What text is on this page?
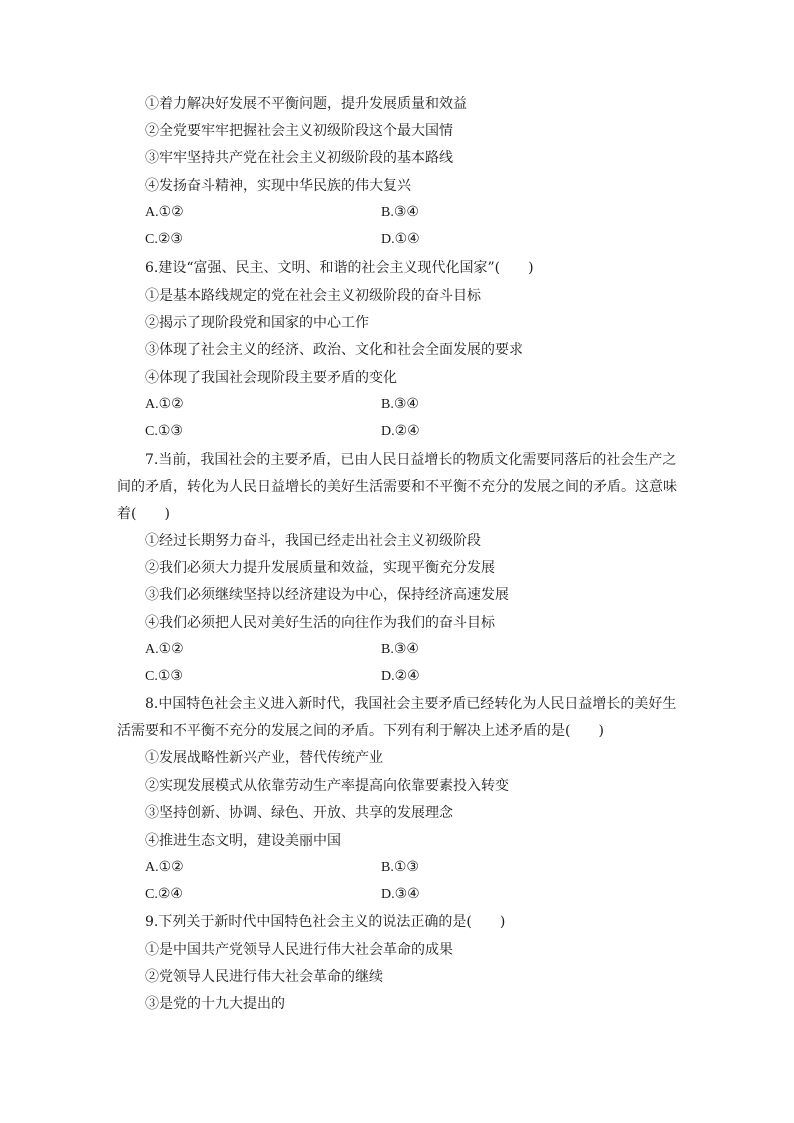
①着力解决好发展不平衡问题，提升发展质量和效益
②全党要牢牢把握社会主义初级阶段这个最大国情
③牢牢坚持共产党在社会主义初级阶段的基本路线
④发扬奋斗精神，实现中华民族的伟大复兴
A.①②	B.③④
C.②③	D.①④
6.建设“富强、民主、文明、和谐的社会主义现代化国家”(　　)
①是基本路线规定的党在社会主义初级阶段的奋斗目标
②揭示了现阶段党和国家的中心工作
③体现了社会主义的经济、政治、文化和社会全面发展的要求
④体现了我国社会现阶段主要矛盾的变化
A.①②	B.③④
C.①③	D.②④
7.当前，我国社会的主要矛盾，已由人民日益增长的物质文化需要同落后的社会生产之
间的矛盾，转化为人民日益增长的美好生活需要和不平衡不充分的发展之间的矛盾。这意味
着(　　)
①经过长期努力奋斗，我国已经走出社会主义初级阶段
②我们必须大力提升发展质量和效益，实现平衡充分发展
③我们必须继续坚持以经济建设为中心，保持经济高速发展
④我们必须把人民对美好生活的向往作为我们的奋斗目标
A.①②	B.③④
C.①③	D.②④
8.中国特色社会主义进入新时代，我国社会主要矛盾已经转化为人民日益增长的美好生
活需要和不平衡不充分的发展之间的矛盾。下列有利于解决上述矛盾的是(　　)
①发展战略性新兴产业，替代传统产业
②实现发展模式从依靠劳动生产率提高向依靠要素投入转变
③坚持创新、协调、绿色、开放、共享的发展理念
④推进生态文明，建设美丽中国
A.①②	B.①③
C.②④	D.③④
9.下列关于新时代中国特色社会主义的说法正确的是(　　)
①是中国共产党领导人民进行伟大社会革命的成果
②党领导人民进行伟大社会革命的继续
③是党的十九大提出的
